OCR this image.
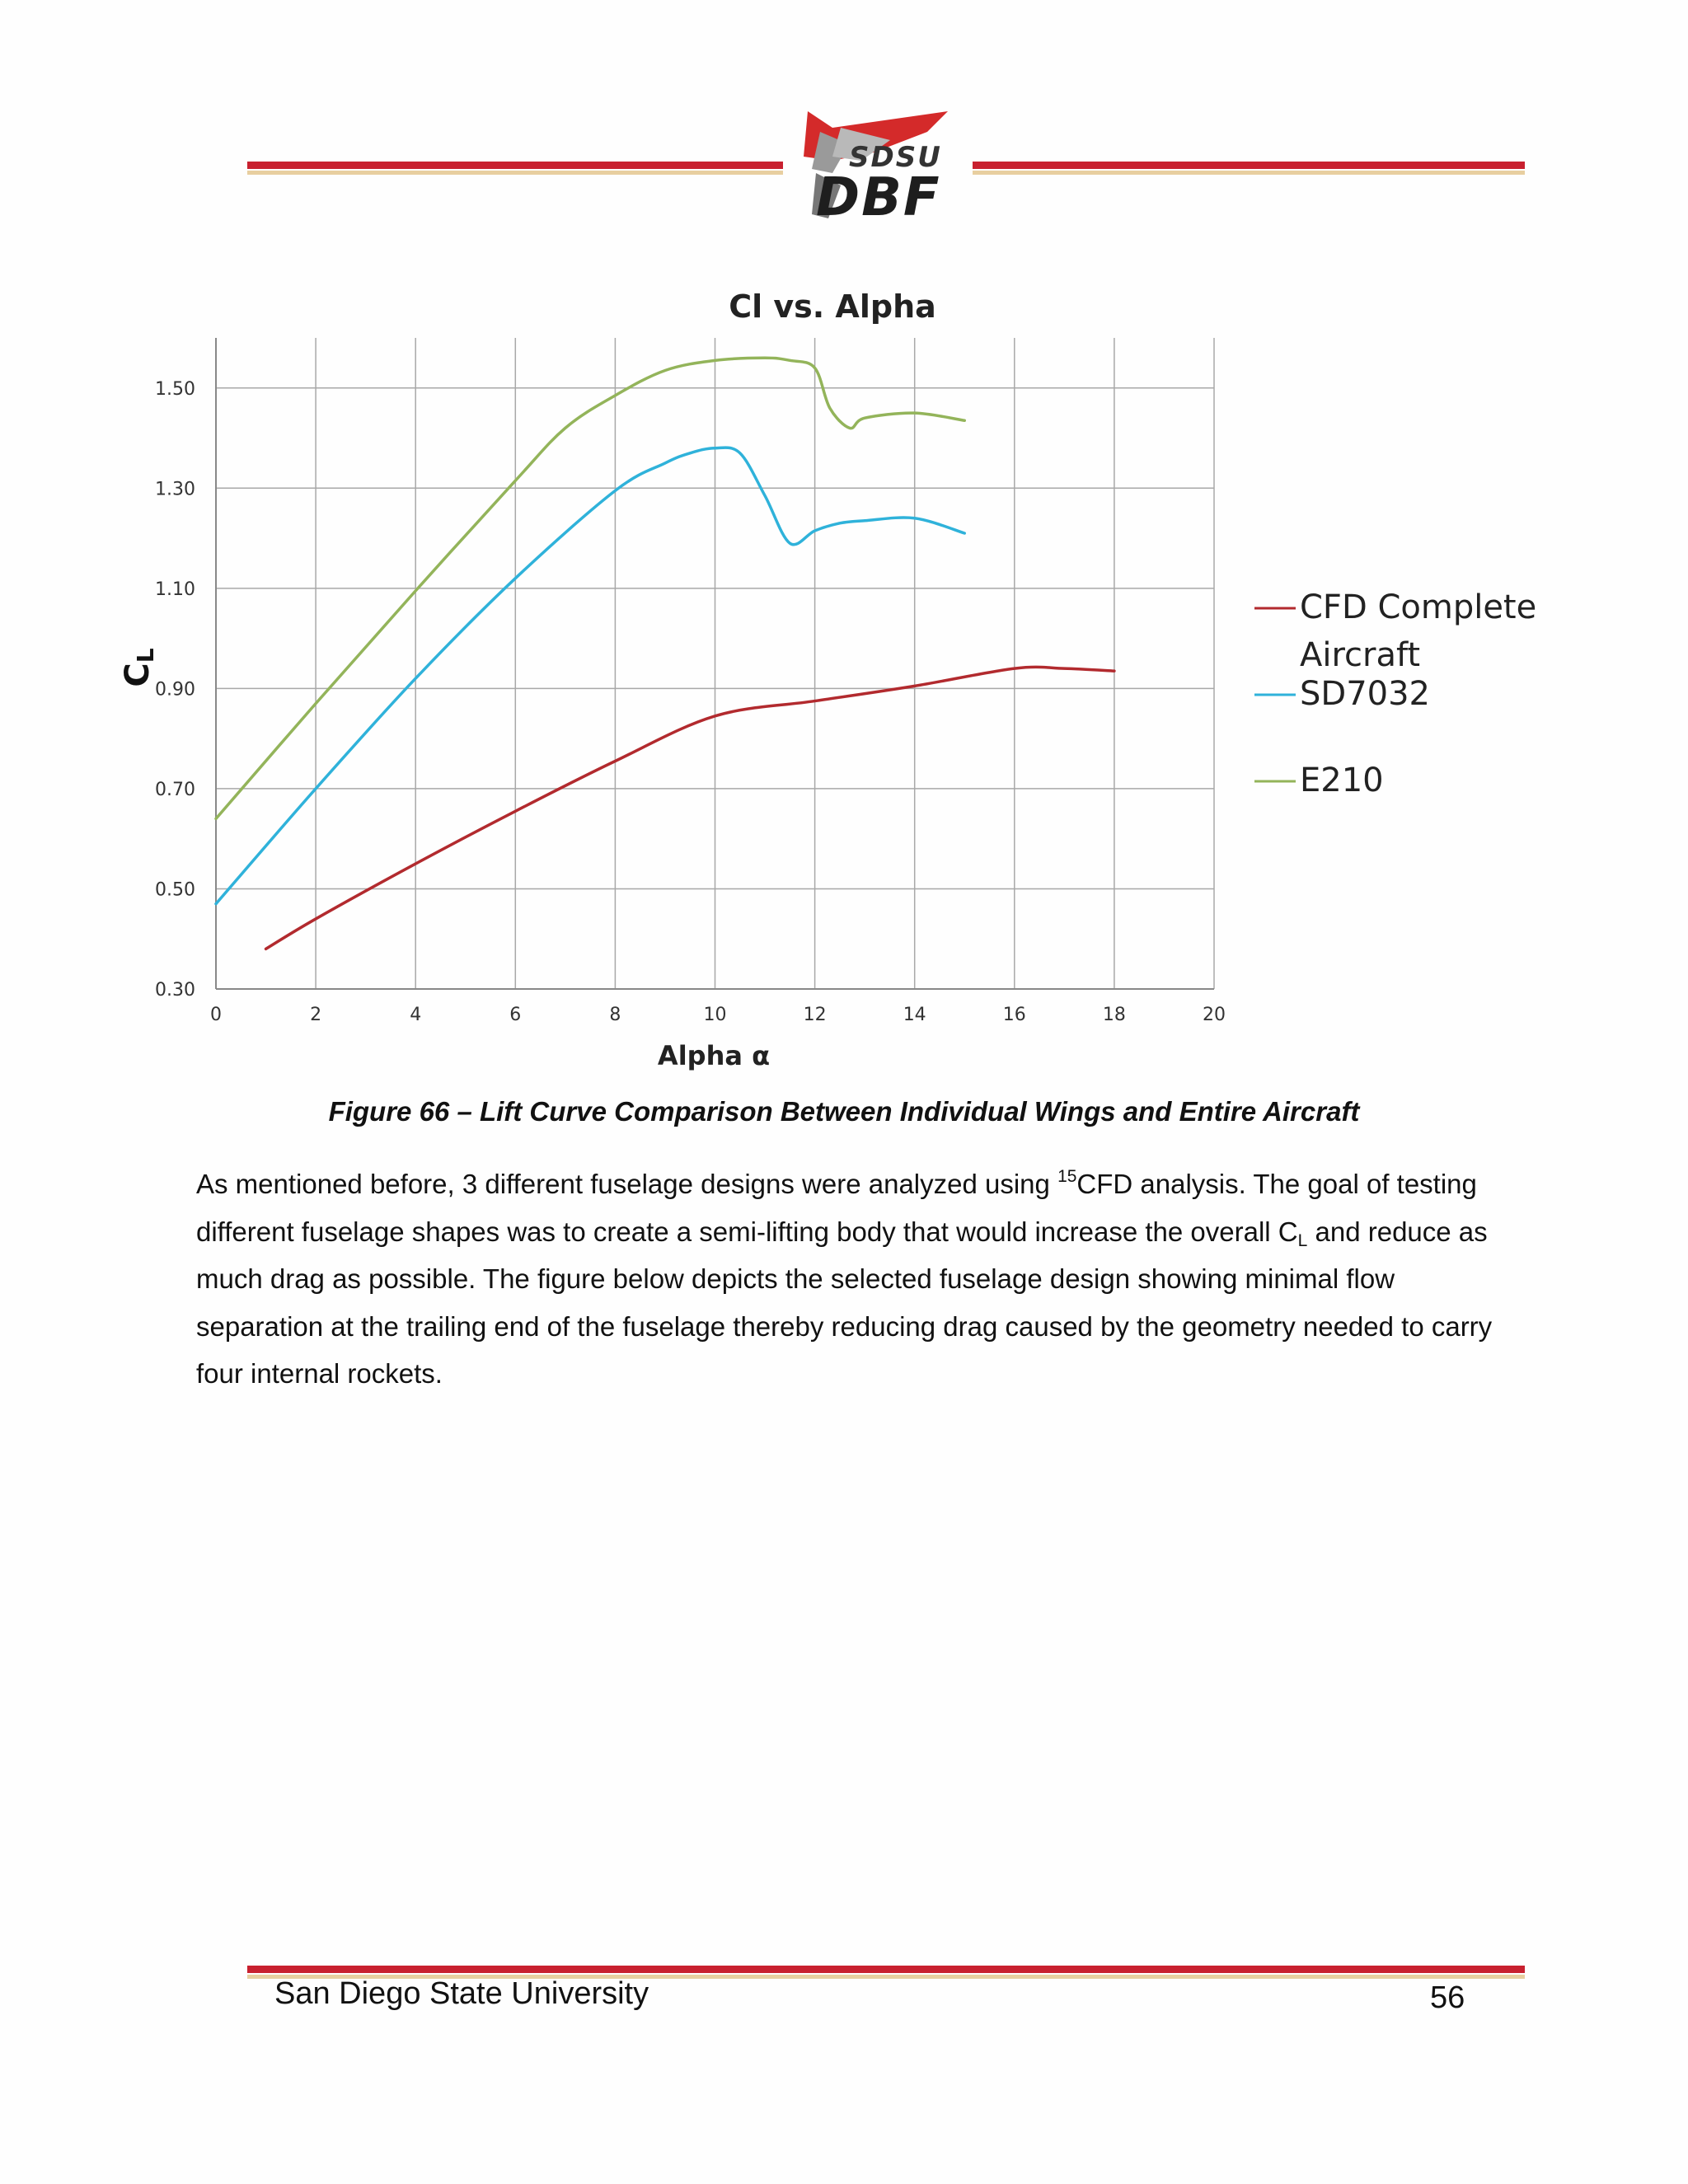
SDSU
DBF
Cl vs. Alpha
0.30
0.50
0.70
0.90
1.10
1.30
1.50
0	2	4	6	8	10	12	14	16	18	20
CL
Alpha α
CFD Complete
Aircraft
SD7032
E210
Figure 66 – Lift Curve Comparison Between Individual Wings and Entire Aircraft

As mentioned before, 3 different fuselage designs were analyzed using $^{15}$CFD analysis. The goal of testing different fuselage shapes was to create a semi-lifting body that would increase the overall $C_L$ and reduce as much drag as possible. The figure below depicts the selected fuselage design showing minimal flow separation at the trailing end of the fuselage thereby reducing drag caused by the geometry needed to carry four internal rockets.

San Diego State University	56
